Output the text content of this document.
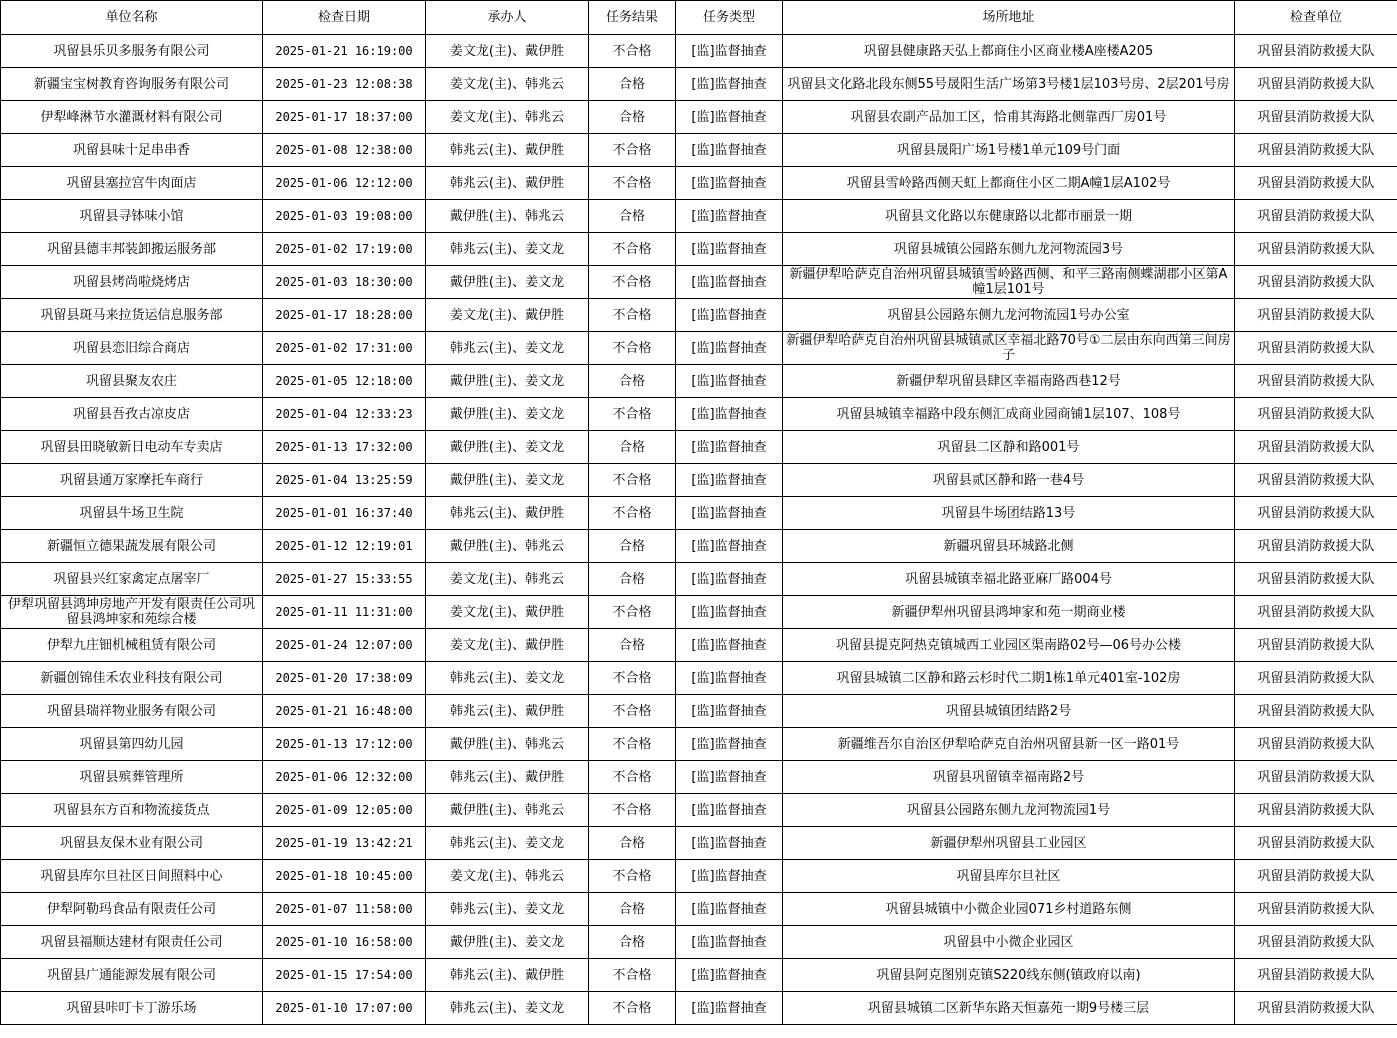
单位名称	检查日期	承办人	任务结果	任务类型	场所地址	检查单位
巩留县乐贝多服务有限公司	2025-01-21 16:19:00	姜文龙(主)、戴伊胜	不合格	[监]监督抽查	巩留县健康路天弘上都商住小区商业楼A座楼A205	巩留县消防救援大队
新疆宝宝树教育咨询服务有限公司	2025-01-23 12:08:38	姜文龙(主)、韩兆云	合格	[监]监督抽查	巩留县文化路北段东侧55号晟阳生活广场第3号楼1层103号房、2层201号房	巩留县消防救援大队
伊犁峰淋节水灌溉材料有限公司	2025-01-17 18:37:00	姜文龙(主)、韩兆云	合格	[监]监督抽查	巩留县农副产品加工区，恰甫其海路北侧靠西厂房01号	巩留县消防救援大队
巩留县味十足串串香	2025-01-08 12:38:00	韩兆云(主)、戴伊胜	不合格	[监]监督抽查	巩留县晟阳广场1号楼1单元109号门面	巩留县消防救援大队
巩留县塞拉宫牛肉面店	2025-01-06 12:12:00	韩兆云(主)、戴伊胜	不合格	[监]监督抽查	巩留县雪岭路西侧天虹上都商住小区二期A幢1层A102号	巩留县消防救援大队
巩留县寻钵味小馆	2025-01-03 19:08:00	戴伊胜(主)、韩兆云	合格	[监]监督抽查	巩留县文化路以东健康路以北都市丽景一期	巩留县消防救援大队
巩留县德丰邦装卸搬运服务部	2025-01-02 17:19:00	韩兆云(主)、姜文龙	不合格	[监]监督抽查	巩留县城镇公园路东侧九龙河物流园3号	巩留县消防救援大队
巩留县烤尚啦烧烤店	2025-01-03 18:30:00	戴伊胜(主)、姜文龙	不合格	[监]监督抽查	新疆伊犁哈萨克自治州巩留县城镇雪岭路西侧、和平三路南侧蝶湖郡小区第A幢1层101号	巩留县消防救援大队
巩留县斑马来拉货运信息服务部	2025-01-17 18:28:00	姜文龙(主)、戴伊胜	不合格	[监]监督抽查	巩留县公园路东侧九龙河物流园1号办公室	巩留县消防救援大队
巩留县恋旧综合商店	2025-01-02 17:31:00	韩兆云(主)、姜文龙	不合格	[监]监督抽查	新疆伊犁哈萨克自治州巩留县城镇贰区幸福北路70号①二层由东向西第三间房子	巩留县消防救援大队
巩留县聚友农庄	2025-01-05 12:18:00	戴伊胜(主)、姜文龙	合格	[监]监督抽查	新疆伊犁巩留县肆区幸福南路西巷12号	巩留县消防救援大队
巩留县吾孜古凉皮店	2025-01-04 12:33:23	戴伊胜(主)、姜文龙	不合格	[监]监督抽查	巩留县城镇幸福路中段东侧汇成商业园商铺1层107、108号	巩留县消防救援大队
巩留县田晓敏新日电动车专卖店	2025-01-13 17:32:00	戴伊胜(主)、姜文龙	合格	[监]监督抽查	巩留县二区静和路001号	巩留县消防救援大队
巩留县通万家摩托车商行	2025-01-04 13:25:59	戴伊胜(主)、姜文龙	不合格	[监]监督抽查	巩留县贰区静和路一巷4号	巩留县消防救援大队
巩留县牛场卫生院	2025-01-01 16:37:40	韩兆云(主)、戴伊胜	不合格	[监]监督抽查	巩留县牛场团结路13号	巩留县消防救援大队
新疆恒立德果蔬发展有限公司	2025-01-12 12:19:01	戴伊胜(主)、韩兆云	合格	[监]监督抽查	新疆巩留县环城路北侧	巩留县消防救援大队
巩留县兴红家禽定点屠宰厂	2025-01-27 15:33:55	姜文龙(主)、韩兆云	合格	[监]监督抽查	巩留县城镇幸福北路亚麻厂路004号	巩留县消防救援大队
伊犁巩留县鸿坤房地产开发有限责任公司巩留县鸿坤家和苑综合楼	2025-01-11 11:31:00	姜文龙(主)、戴伊胜	不合格	[监]监督抽查	新疆伊犁州巩留县鸿坤家和苑一期商业楼	巩留县消防救援大队
伊犁九庄钿机械租赁有限公司	2025-01-24 12:07:00	姜文龙(主)、戴伊胜	合格	[监]监督抽查	巩留县提克阿热克镇城西工业园区渠南路02号—06号办公楼	巩留县消防救援大队
新疆创锦佳禾农业科技有限公司	2025-01-20 17:38:09	韩兆云(主)、姜文龙	不合格	[监]监督抽查	巩留县城镇二区静和路云杉时代二期1栋1单元401室-102房	巩留县消防救援大队
巩留县瑞祥物业服务有限公司	2025-01-21 16:48:00	韩兆云(主)、戴伊胜	不合格	[监]监督抽查	巩留县城镇团结路2号	巩留县消防救援大队
巩留县第四幼儿园	2025-01-13 17:12:00	戴伊胜(主)、韩兆云	不合格	[监]监督抽查	新疆维吾尔自治区伊犁哈萨克自治州巩留县新一区一路01号	巩留县消防救援大队
巩留县殡葬管理所	2025-01-06 12:32:00	韩兆云(主)、戴伊胜	不合格	[监]监督抽查	巩留县巩留镇幸福南路2号	巩留县消防救援大队
巩留县东方百和物流接货点	2025-01-09 12:05:00	戴伊胜(主)、韩兆云	不合格	[监]监督抽查	巩留县公园路东侧九龙河物流园1号	巩留县消防救援大队
巩留县友保木业有限公司	2025-01-19 13:42:21	韩兆云(主)、姜文龙	合格	[监]监督抽查	新疆伊犁州巩留县工业园区	巩留县消防救援大队
巩留县库尔旦社区日间照料中心	2025-01-18 10:45:00	姜文龙(主)、韩兆云	不合格	[监]监督抽查	巩留县库尔旦社区	巩留县消防救援大队
伊犁阿勒玛食品有限责任公司	2025-01-07 11:58:00	韩兆云(主)、姜文龙	合格	[监]监督抽查	巩留县城镇中小微企业园071乡村道路东侧	巩留县消防救援大队
巩留县福顺达建材有限责任公司	2025-01-10 16:58:00	戴伊胜(主)、姜文龙	合格	[监]监督抽查	巩留县中小微企业园区	巩留县消防救援大队
巩留县广通能源发展有限公司	2025-01-15 17:54:00	韩兆云(主)、戴伊胜	不合格	[监]监督抽查	巩留县阿克图别克镇S220线东侧(镇政府以南)	巩留县消防救援大队
巩留县咔叮卡丁游乐场	2025-01-10 17:07:00	韩兆云(主)、姜文龙	不合格	[监]监督抽查	巩留县城镇二区新华东路天恒嘉苑一期9号楼三层	巩留县消防救援大队
